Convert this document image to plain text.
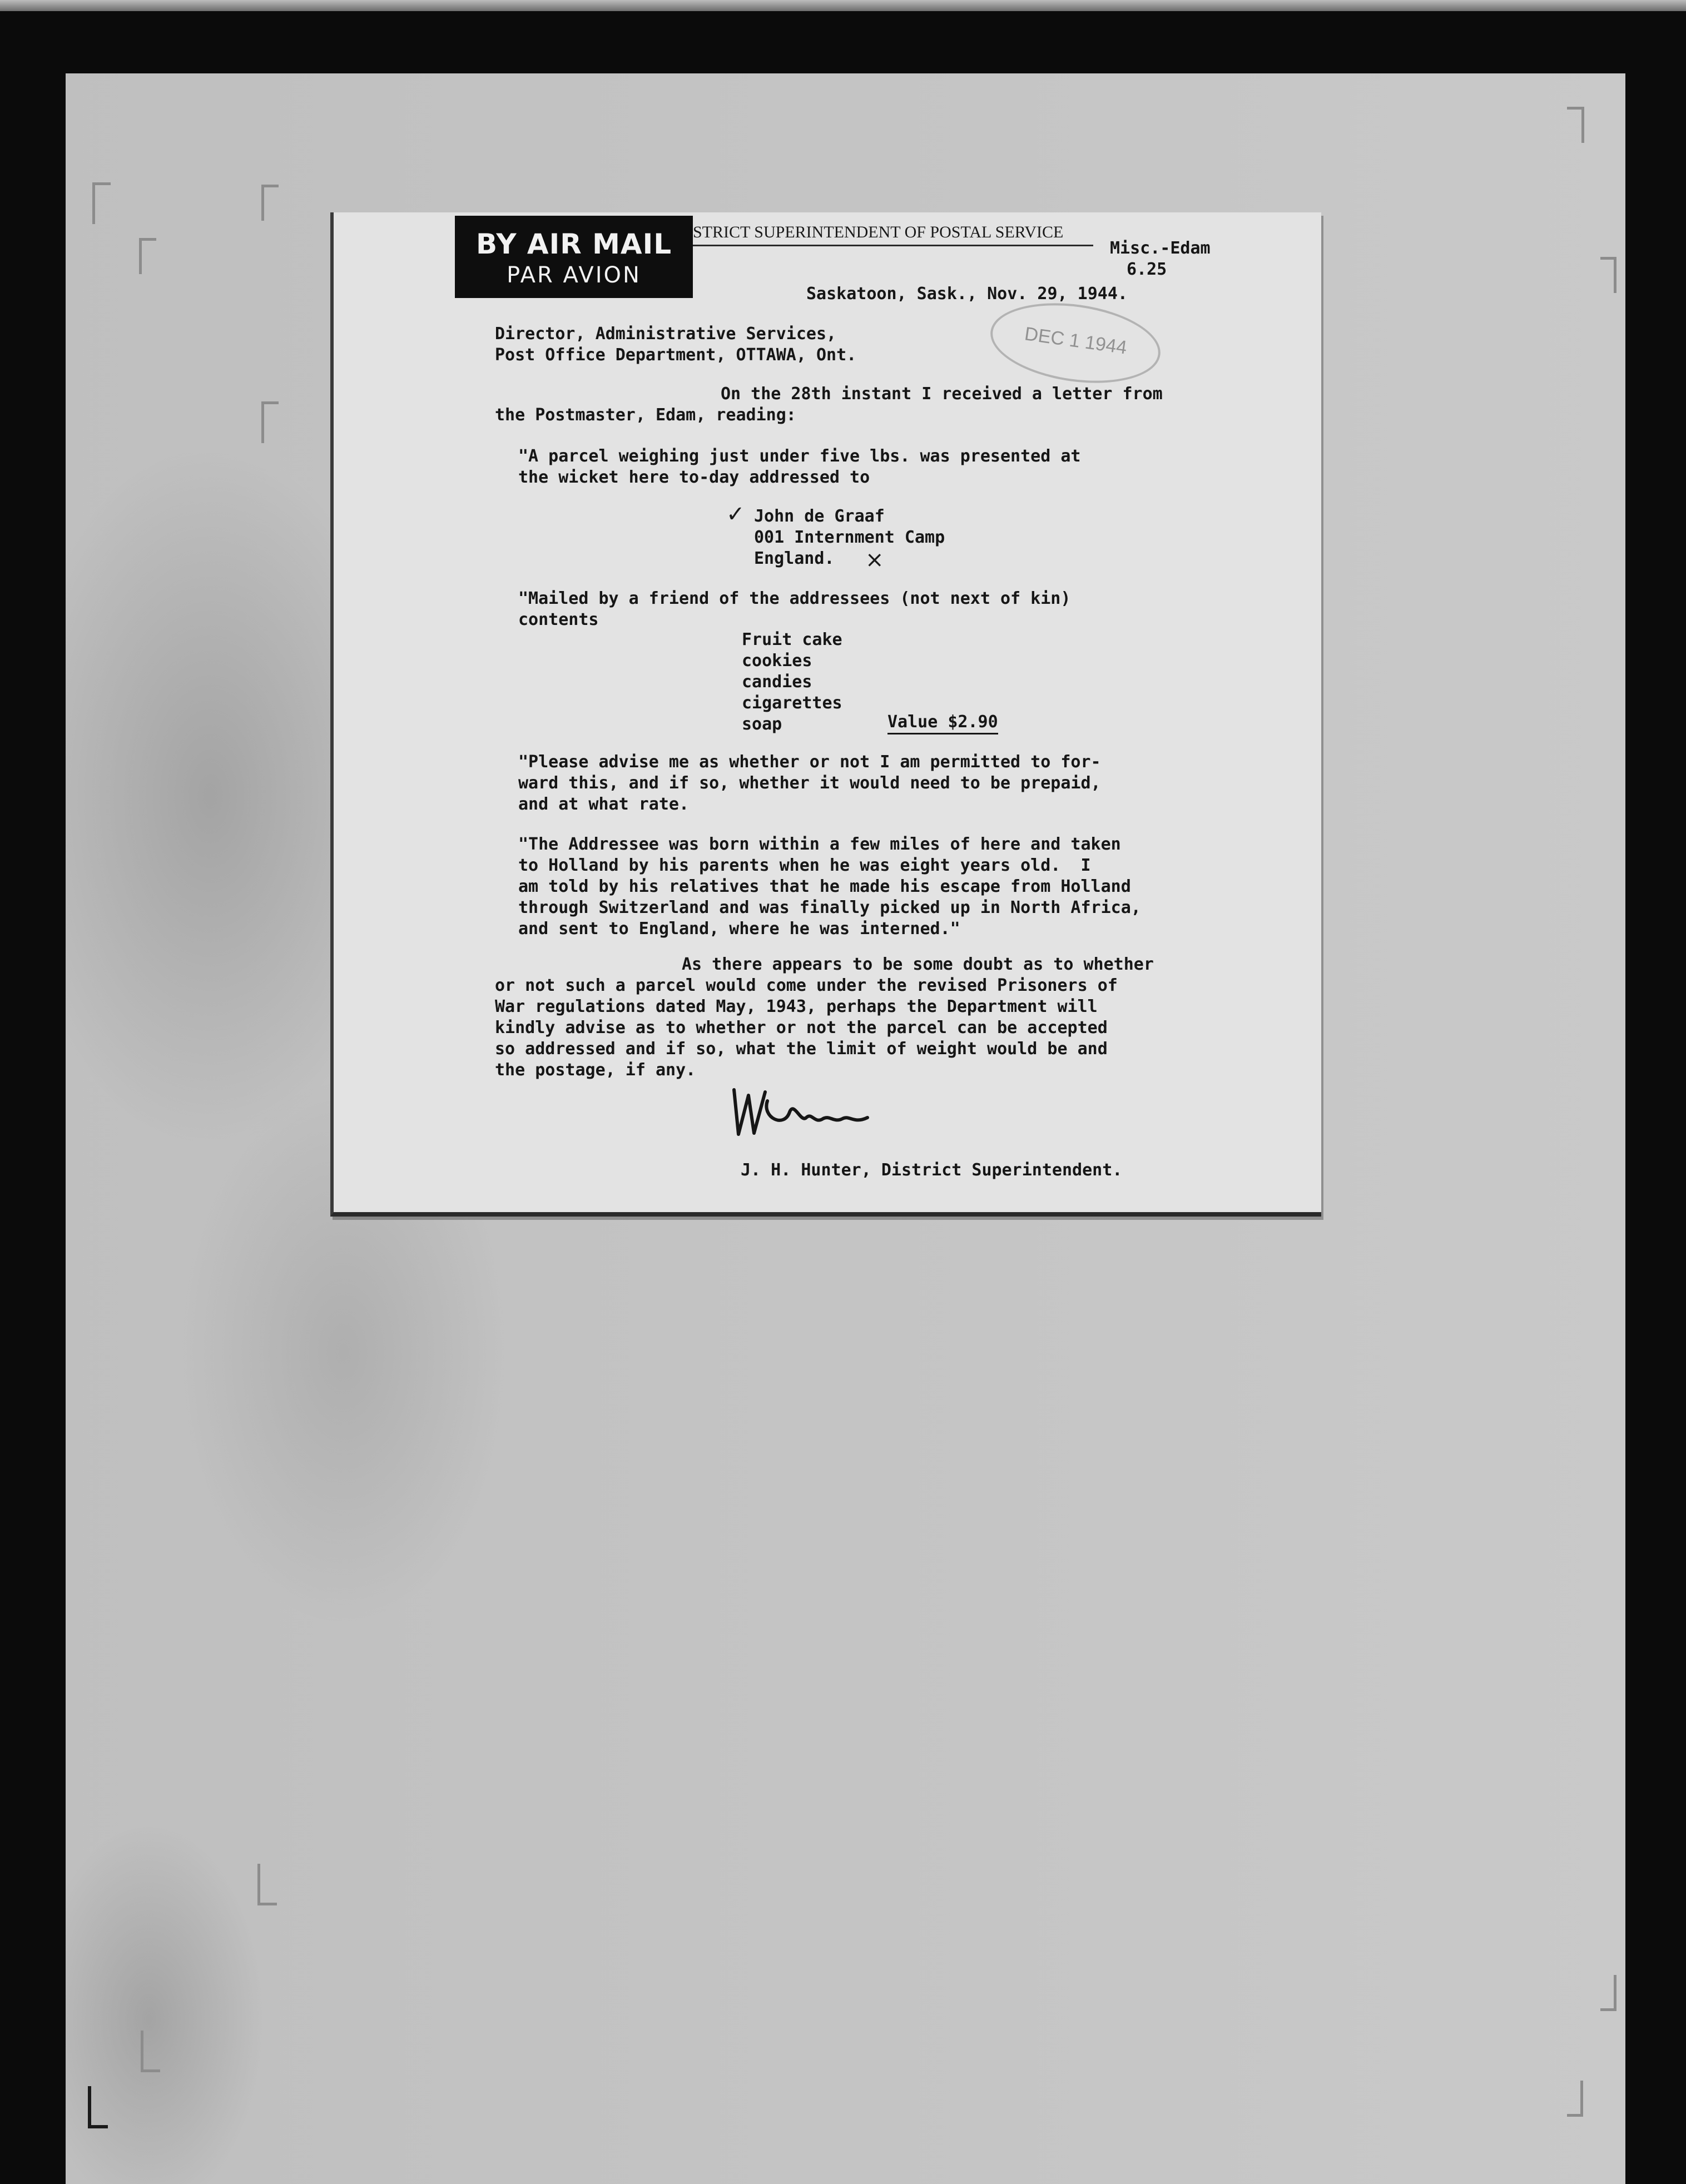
BY AIR MAIL
PAR AVION
STRICT SUPERINTENDENT OF POSTAL SERVICE
Misc.-Edam
6.25
Saskatoon, Sask., Nov. 29, 1944.
DEC 1 1944
Director, Administrative Services,
Post Office Department, OTTAWA, Ont.
On the 28th instant I received a letter from
the Postmaster, Edam, reading:
"A parcel weighing just under five lbs. was presented at
the wicket here to-day addressed to
✓ John de Graaf
001 Internment Camp
England. ×
"Mailed by a friend of the addressees (not next of kin)
contents
Fruit cake
cookies
candies
cigarettes
soap	Value $2.90
"Please advise me as whether or not I am permitted to for-
ward this, and if so, whether it would need to be prepaid,
and at what rate.
"The Addressee was born within a few miles of here and taken
to Holland by his parents when he was eight years old.  I
am told by his relatives that he made his escape from Holland
through Switzerland and was finally picked up in North Africa,
and sent to England, where he was interned."
As there appears to be some doubt as to whether
or not such a parcel would come under the revised Prisoners of
War regulations dated May, 1943, perhaps the Department will
kindly advise as to whether or not the parcel can be accepted
so addressed and if so, what the limit of weight would be and
the postage, if any.
J. H. Hunter, District Superintendent.
